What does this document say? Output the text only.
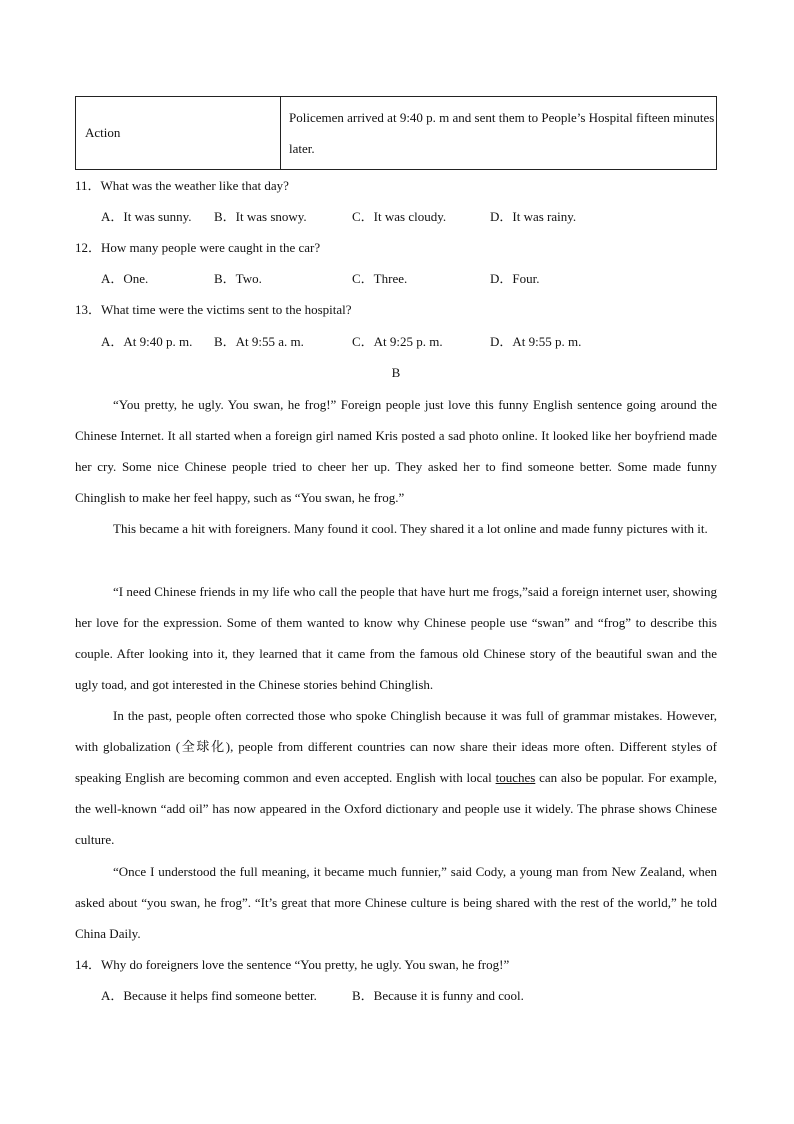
Action	Policemen arrived at 9:40 p. m and sent them to People’s Hospital fifteen minutes later.
11．What was the weather like that day?
A．It was sunny. B．It was snowy.	C．It was cloudy.	D．It was rainy.
12．How many people were caught in the car?
A．One.	B．Two.	C．Three.	D．Four.
13．What time were the victims sent to the hospital?
A．At 9:40 p. m. B．At 9:55 a. m.	C．At 9:25 p. m.	D．At 9:55 p. m.
B
“You pretty, he ugly. You swan, he frog!” Foreign people just love this funny English sentence going around the Chinese Internet. It all started when a foreign girl named Kris posted a sad photo online. It looked like her boyfriend made her cry. Some nice Chinese people tried to cheer her up. They asked her to find someone better. Some made funny Chinglish to make her feel happy, such as “You swan, he frog.”
This became a hit with foreigners. Many found it cool. They shared it a lot online and made funny pictures with it.
“I need Chinese friends in my life who call the people that have hurt me frogs,”said a foreign internet user, showing her love for the expression. Some of them wanted to know why Chinese people use “swan” and “frog” to describe this couple. After looking into it, they learned that it came from the famous old Chinese story of the beautiful swan and the ugly toad, and got interested in the Chinese stories behind Chinglish.
In the past, people often corrected those who spoke Chinglish because it was full of grammar mistakes. However, with globalization (全球化), people from different countries can now share their ideas more often. Different styles of speaking English are becoming common and even accepted. English with local touches can also be popular. For example, the well-known “add oil” has now appeared in the Oxford dictionary and people use it widely. The phrase shows Chinese culture.
“Once I understood the full meaning, it became much funnier,” said Cody, a young man from New Zealand, when asked about “you swan, he frog”. “It’s great that more Chinese culture is being shared with the rest of the world,” he told China Daily.
14．Why do foreigners love the sentence “You pretty, he ugly. You swan, he frog!”
A．Because it helps find someone better.	B．Because it is funny and cool.
